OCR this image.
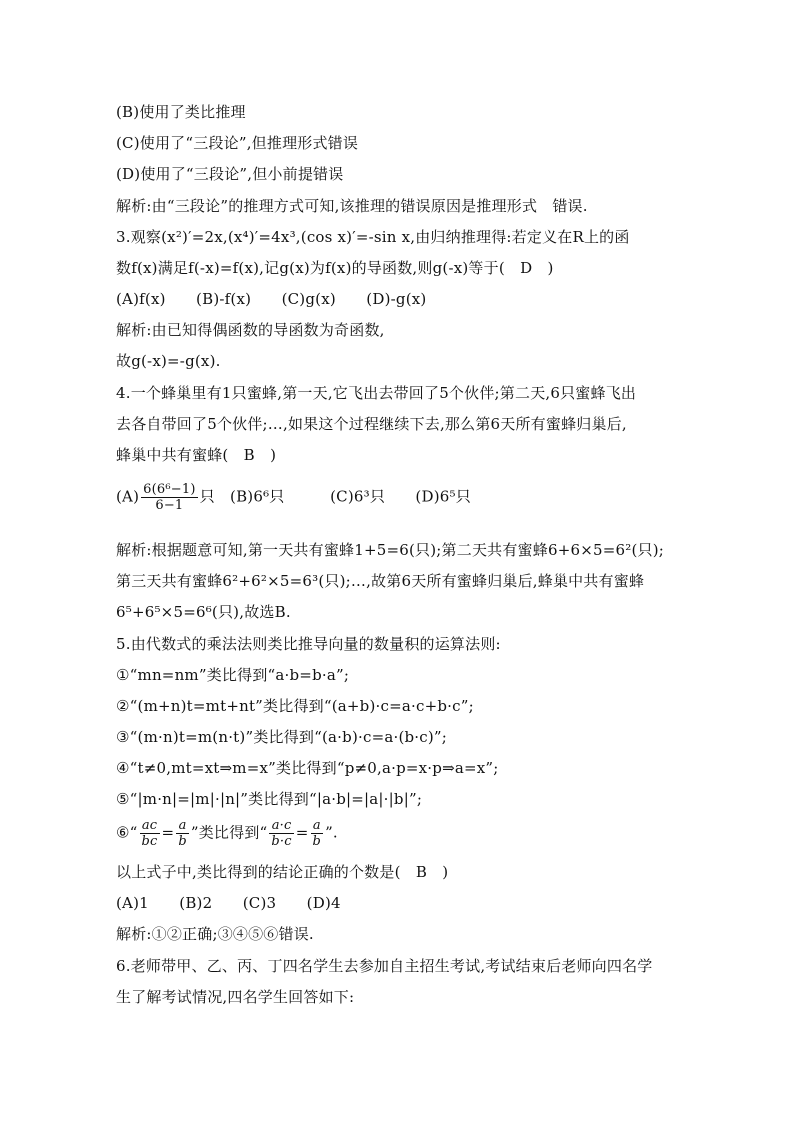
(B)使用了类比推理
(C)使用了“三段论”,但推理形式错误
(D)使用了“三段论”,但小前提错误
解析:由“三段论”的推理方式可知,该推理的错误原因是推理形式　错误.
3.观察(x²)′=2x,(x⁴)′=4x³,(cos x)′=-sin x,由归纳推理得:若定义在R上的函
数f(x)满足f(-x)=f(x),记g(x)为f(x)的导函数,则g(-x)等于(　D　)
(A)f(x)　　(B)-f(x)　　(C)g(x)　　(D)-g(x)
解析:由已知得偶函数的导函数为奇函数,
故g(-x)=-g(x).
4.一个蜂巢里有1只蜜蜂,第一天,它飞出去带回了5个伙伴;第二天,6只蜜蜂飞出
去各自带回了5个伙伴;…,如果这个过程继续下去,那么第6天所有蜜蜂归巢后,
蜂巢中共有蜜蜂(　B　)
$(A) \frac{\text{6(6⁶−1)}}{6-1}$ 只　(B)6⁶只　　　(C)6³只　　(D)6⁵只
解析:根据题意可知,第一天共有蜜蜂1+5=6(只);第二天共有蜜蜂6+6×5=6²(只);
第三天共有蜜蜂6²+6²×5=6³(只);…,故第6天所有蜜蜂归巢后,蜂巢中共有蜜蜂
6⁵+6⁵×5=6⁶(只),故选B.
5.由代数式的乘法法则类比推导向量的数量积的运算法则:
①“mn=nm”类比得到“a·b=b·a”;
②“(m+n)t=mt+nt”类比得到“(a+b)·c=a·c+b·c”;
③“(m·n)t=m(n·t)”类比得到“(a·b)·c=a·(b·c)”;
④“t≠0,mt=xt⇒m=x”类比得到“p≠0,a·p=x·p⇒a=x”;
⑤“|m·n|=|m|·|n|”类比得到“|a·b|=|a|·|b|”;
⑥“ $\frac{ac}{bc} = \frac{a}{b}$ ”类比得到“ $\frac{a\cdot c}{b\cdot c} = \frac{a}{b}$ ”.
以上式子中,类比得到的结论正确的个数是(　B　)
(A)1　　(B)2　　(C)3　　(D)4
解析:①②正确;③④⑤⑥错误.
6.老师带甲、乙、丙、丁四名学生去参加自主招生考试,考试结束后老师向四名学
生了解考试情况,四名学生回答如下:
